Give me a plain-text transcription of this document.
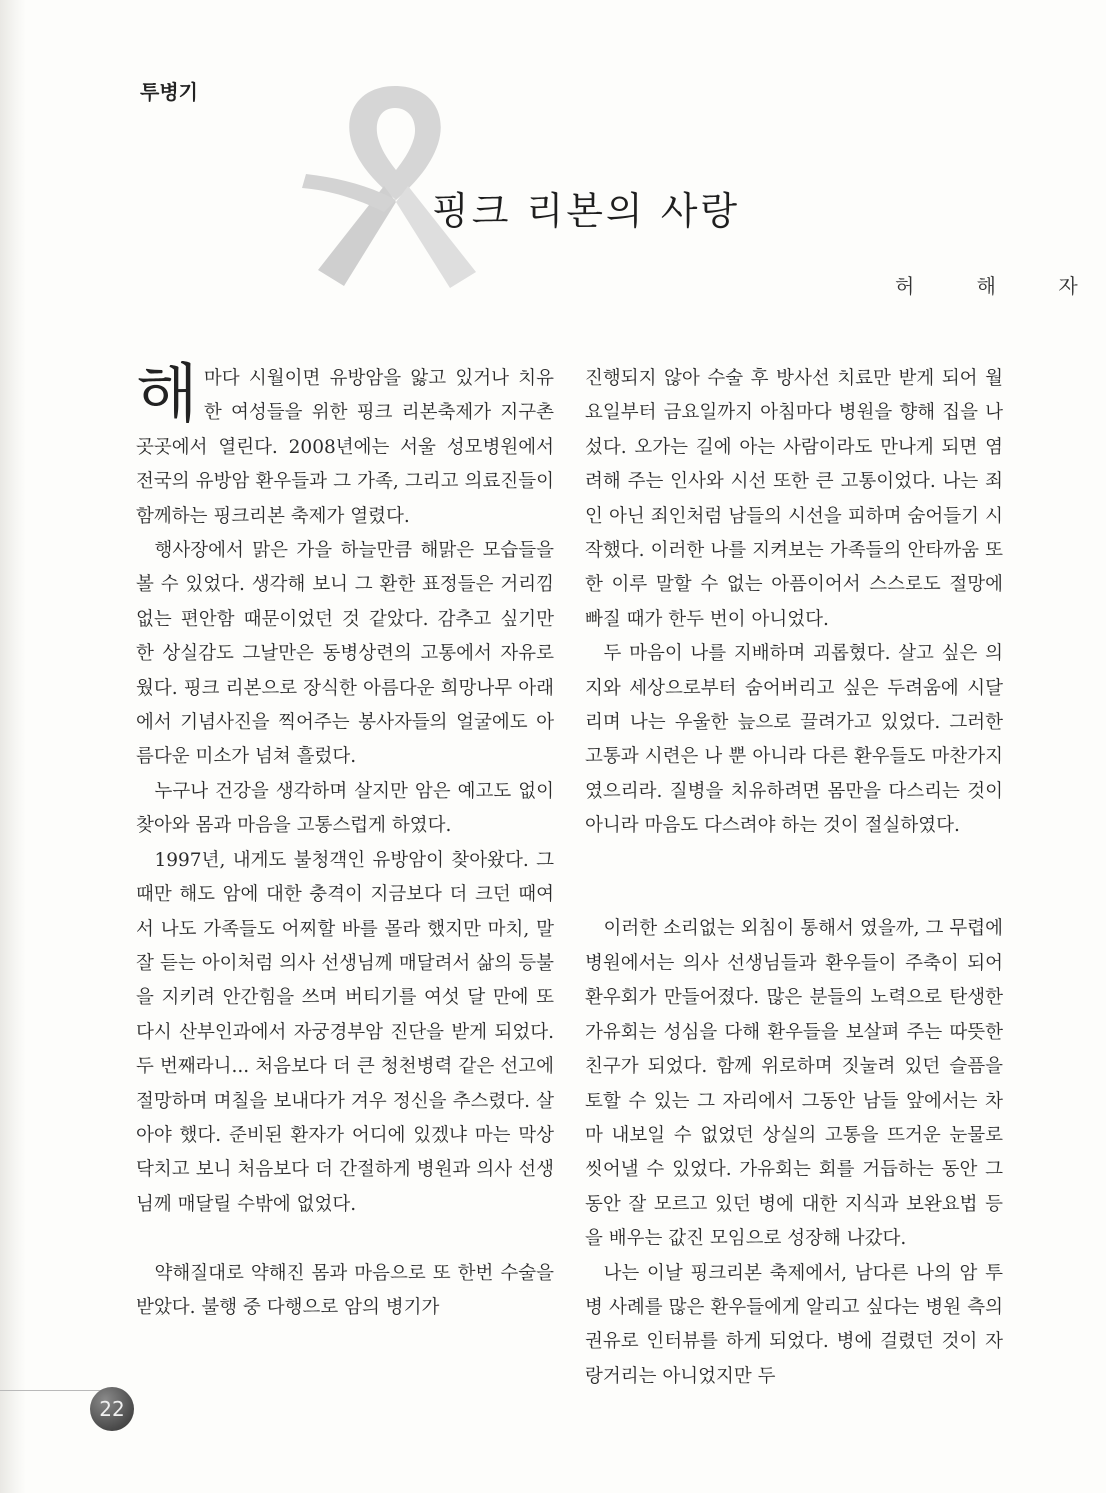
투병기
핑크 리본의 사랑
허 해 자

해마다 시월이면 유방암을 앓고 있거나 치유한 여성들을 위한 핑크 리본축제가 지구촌 곳곳에서 열린다. 2008년에는 서울 성모병원에서 전국의 유방암 환우들과 그 가족, 그리고 의료진들이 함께하는 핑크리본 축제가 열렸다.

행사장에서 맑은 가을 하늘만큼 해맑은 모습들을 볼 수 있었다. 생각해 보니 그 환한 표정들은 거리낌 없는 편안함 때문이었던 것 같았다. 감추고 싶기만 한 상실감도 그날만은 동병상련의 고통에서 자유로웠다. 핑크 리본으로 장식한 아름다운 희망나무 아래에서 기념사진을 찍어주는 봉사자들의 얼굴에도 아름다운 미소가 넘쳐 흘렀다.

누구나 건강을 생각하며 살지만 암은 예고도 없이 찾아와 몸과 마음을 고통스럽게 하였다.

1997년, 내게도 불청객인 유방암이 찾아왔다. 그때만 해도 암에 대한 충격이 지금보다 더 크던 때여서 나도 가족들도 어찌할 바를 몰라 했지만 마치, 말 잘 듣는 아이처럼 의사 선생님께 매달려서 삶의 등불을 지키려 안간힘을 쓰며 버티기를 여섯 달 만에 또 다시 산부인과에서 자궁경부암 진단을 받게 되었다. 두 번째라니... 처음보다 더 큰 청천병력 같은 선고에 절망하며 며칠을 보내다가 겨우 정신을 추스렸다. 살아야 했다. 준비된 환자가 어디에 있겠냐 마는 막상 닥치고 보니 처음보다 더 간절하게 병원과 의사 선생님께 매달릴 수밖에 없었다.

약해질대로 약해진 몸과 마음으로 또 한번 수술을 받았다. 불행 중 다행으로 암의 병기가

진행되지 않아 수술 후 방사선 치료만 받게 되어 월요일부터 금요일까지 아침마다 병원을 향해 집을 나섰다. 오가는 길에 아는 사람이라도 만나게 되면 염려해 주는 인사와 시선 또한 큰 고통이었다. 나는 죄인 아닌 죄인처럼 남들의 시선을 피하며 숨어들기 시작했다. 이러한 나를 지켜보는 가족들의 안타까움 또한 이루 말할 수 없는 아픔이어서 스스로도 절망에 빠질 때가 한두 번이 아니었다.

두 마음이 나를 지배하며 괴롭혔다. 살고 싶은 의지와 세상으로부터 숨어버리고 싶은 두려움에 시달리며 나는 우울한 늪으로 끌려가고 있었다. 그러한 고통과 시련은 나 뿐 아니라 다른 환우들도 마찬가지였으리라. 질병을 치유하려면 몸만을 다스리는 것이 아니라 마음도 다스려야 하는 것이 절실하였다.

이러한 소리없는 외침이 통해서 였을까, 그 무렵에 병원에서는 의사 선생님들과 환우들이 주축이 되어 환우회가 만들어졌다. 많은 분들의 노력으로 탄생한 가유회는 성심을 다해 환우들을 보살펴 주는 따뜻한 친구가 되었다. 함께 위로하며 짓눌려 있던 슬픔을 토할 수 있는 그 자리에서 그동안 남들 앞에서는 차마 내보일 수 없었던 상실의 고통을 뜨거운 눈물로 씻어낼 수 있었다. 가유회는 회를 거듭하는 동안 그동안 잘 모르고 있던 병에 대한 지식과 보완요법 등을 배우는 값진 모임으로 성장해 나갔다.

나는 이날 핑크리본 축제에서, 남다른 나의 암 투병 사례를 많은 환우들에게 알리고 싶다는 병원 측의 권유로 인터뷰를 하게 되었다. 병에 걸렸던 것이 자랑거리는 아니었지만 두

22
